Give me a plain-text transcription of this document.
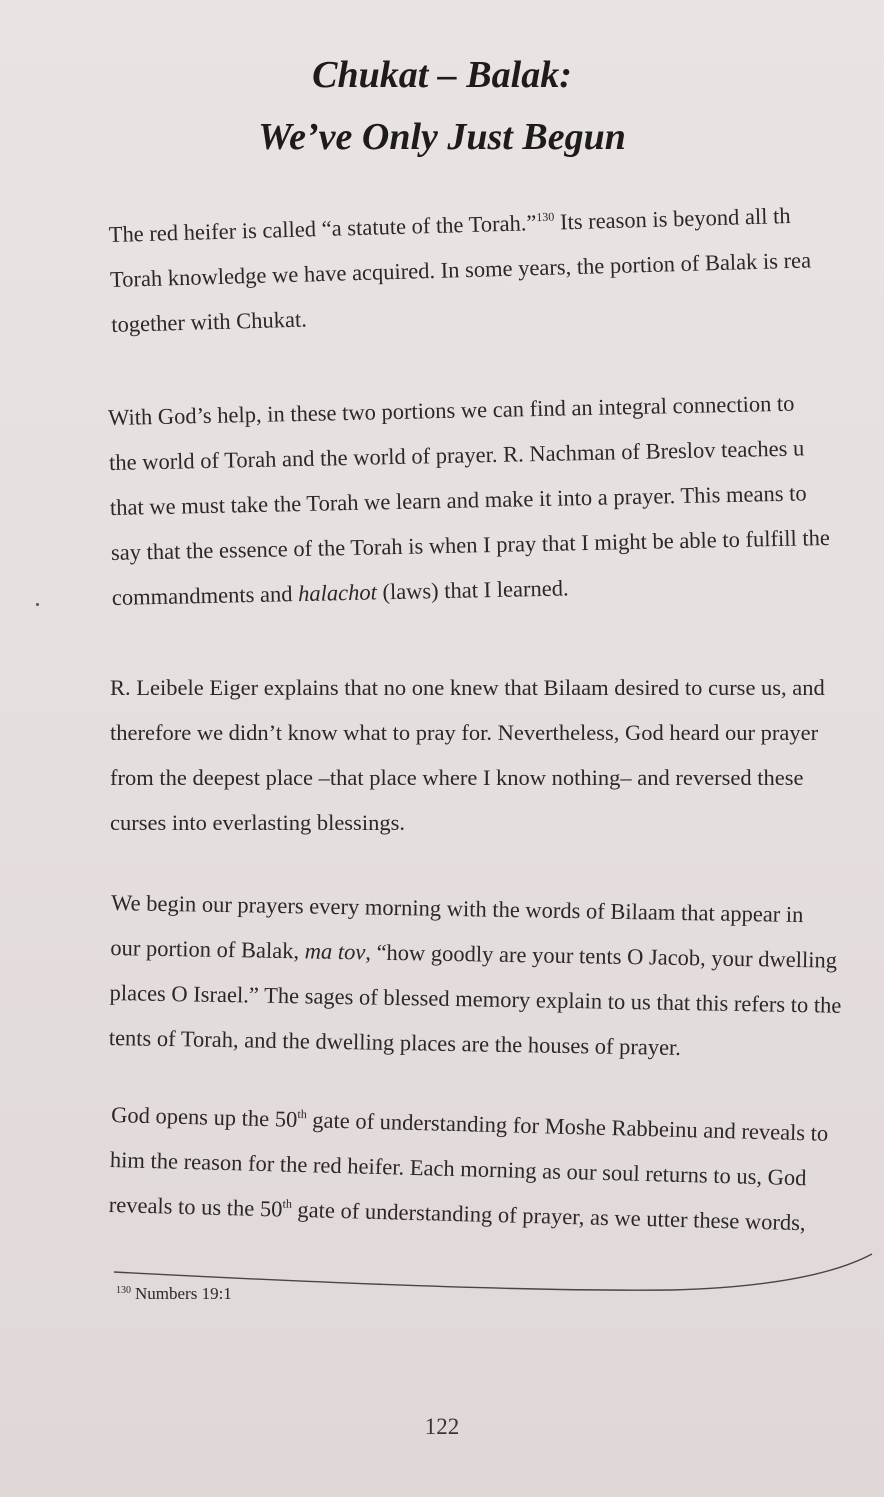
Chukat – Balak:
We’ve Only Just Begun
The red heifer is called “a statute of the Torah.”$^{130}$ Its reason is beyond all th
Torah knowledge we have acquired. In some years, the portion of Balak is rea
together with Chukat.
With God’s help, in these two portions we can find an integral connection to
the world of Torah and the world of prayer. R. Nachman of Breslov teaches u
that we must take the Torah we learn and make it into a prayer. This means to
say that the essence of the Torah is when I pray that I might be able to fulfill the
commandments and halachot (laws) that I learned.
R. Leibele Eiger explains that no one knew that Bilaam desired to curse us, and
therefore we didn’t know what to pray for. Nevertheless, God heard our prayer
from the deepest place –that place where I know nothing– and reversed these
curses into everlasting blessings.
We begin our prayers every morning with the words of Bilaam that appear in
our portion of Balak, ma tov, “how goodly are your tents O Jacob, your dwelling
places O Israel.” The sages of blessed memory explain to us that this refers to the
tents of Torah, and the dwelling places are the houses of prayer.
God opens up the 50th gate of understanding for Moshe Rabbeinu and reveals to
him the reason for the red heifer. Each morning as our soul returns to us, God
reveals to us the 50th gate of understanding of prayer, as we utter these words,
$^{130}$ Numbers 19:1
122
